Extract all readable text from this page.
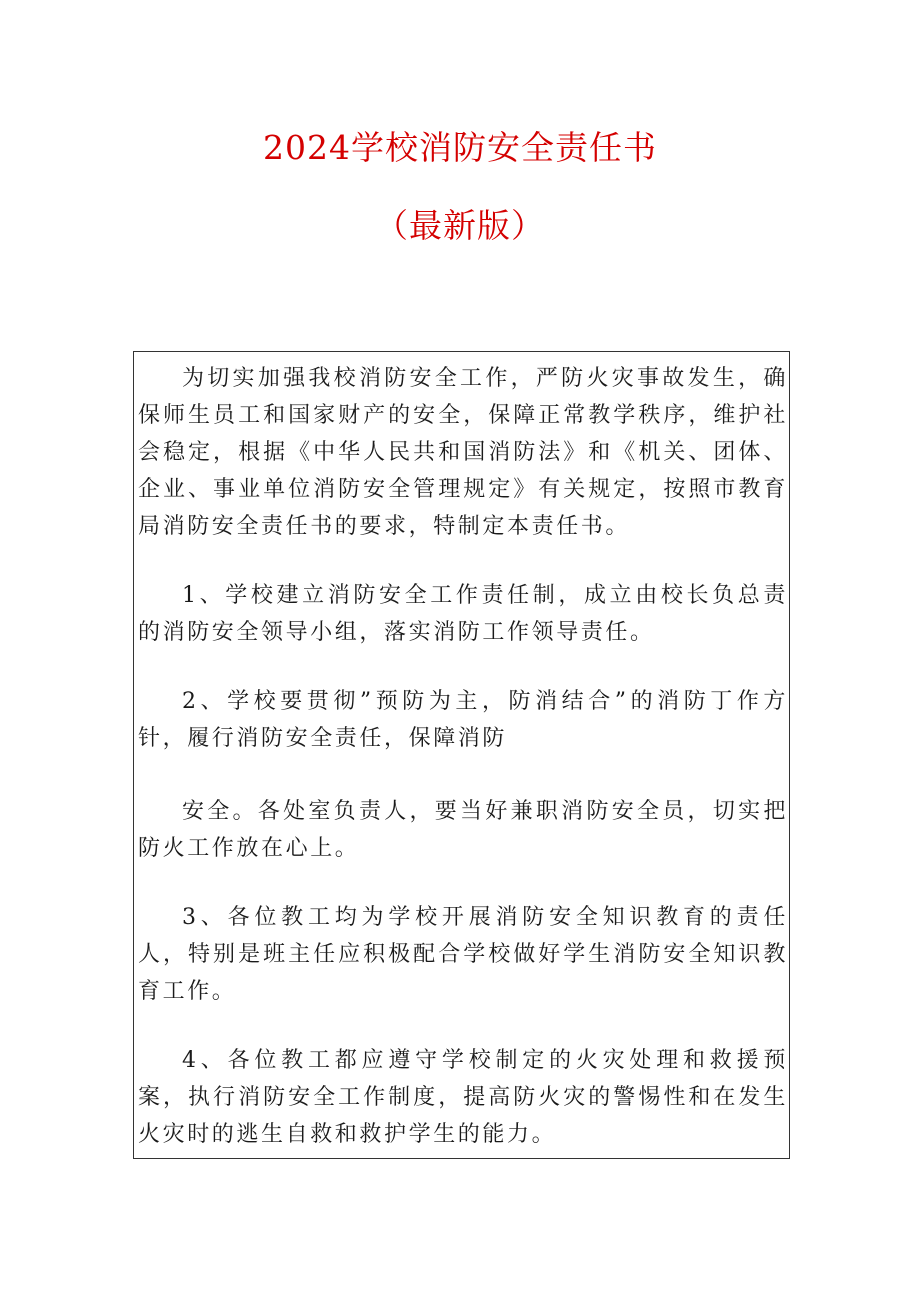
2024学校消防安全责任书
（最新版）

为切实加强我校消防安全工作，严防火灾事故发生，确保师生员工和国家财产的安全，保障正常教学秩序，维护社会稳定，根据《中华人民共和国消防法》和《机关、团体、企业、事业单位消防安全管理规定》有关规定，按照市教育局消防安全责任书的要求，特制定本责任书。

1、学校建立消防安全工作责任制，成立由校长负总责的消防安全领导小组，落实消防工作领导责任。

2、学校要贯彻”预防为主，防消结合”的消防丁作方针，履行消防安全责任，保障消防

安全。各处室负责人，要当好兼职消防安全员，切实把防火工作放在心上。

3、各位教工均为学校开展消防安全知识教育的责任人，特别是班主任应积极配合学校做好学生消防安全知识教育工作。

4、各位教工都应遵守学校制定的火灾处理和救援预案，执行消防安全工作制度，提高防火灾的警惕性和在发生火灾时的逃生自救和救护学生的能力。
